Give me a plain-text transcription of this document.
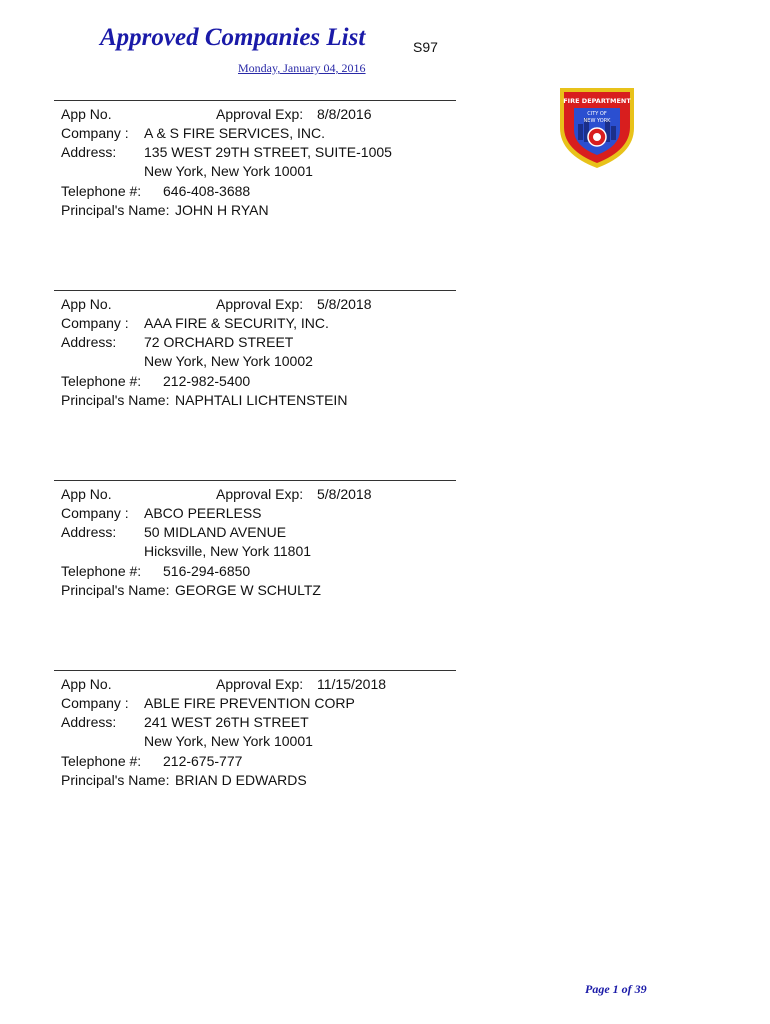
Approved Companies List	S97
Monday, January 04, 2016
FIRE DEPARTMENT
CITY OF
NEW YORK
App No.	Approval Exp: 8/8/2016
Company : A & S FIRE SERVICES, INC.
Address: 135 WEST 29TH STREET, SUITE-1005
New York, New York 10001
Telephone #: 646-408-3688
Principal's Name: JOHN H RYAN
App No.	Approval Exp: 5/8/2018
Company : AAA FIRE & SECURITY, INC.
Address: 72 ORCHARD STREET
New York, New York 10002
Telephone #: 212-982-5400
Principal's Name: NAPHTALI LICHTENSTEIN
App No.	Approval Exp: 5/8/2018
Company : ABCO PEERLESS
Address: 50 MIDLAND AVENUE
Hicksville, New York 11801
Telephone #: 516-294-6850
Principal's Name: GEORGE W SCHULTZ
App No.	Approval Exp: 11/15/2018
Company : ABLE FIRE PREVENTION CORP
Address: 241 WEST 26TH STREET
New York, New York 10001
Telephone #: 212-675-777
Principal's Name: BRIAN D EDWARDS
Page 1 of 39
